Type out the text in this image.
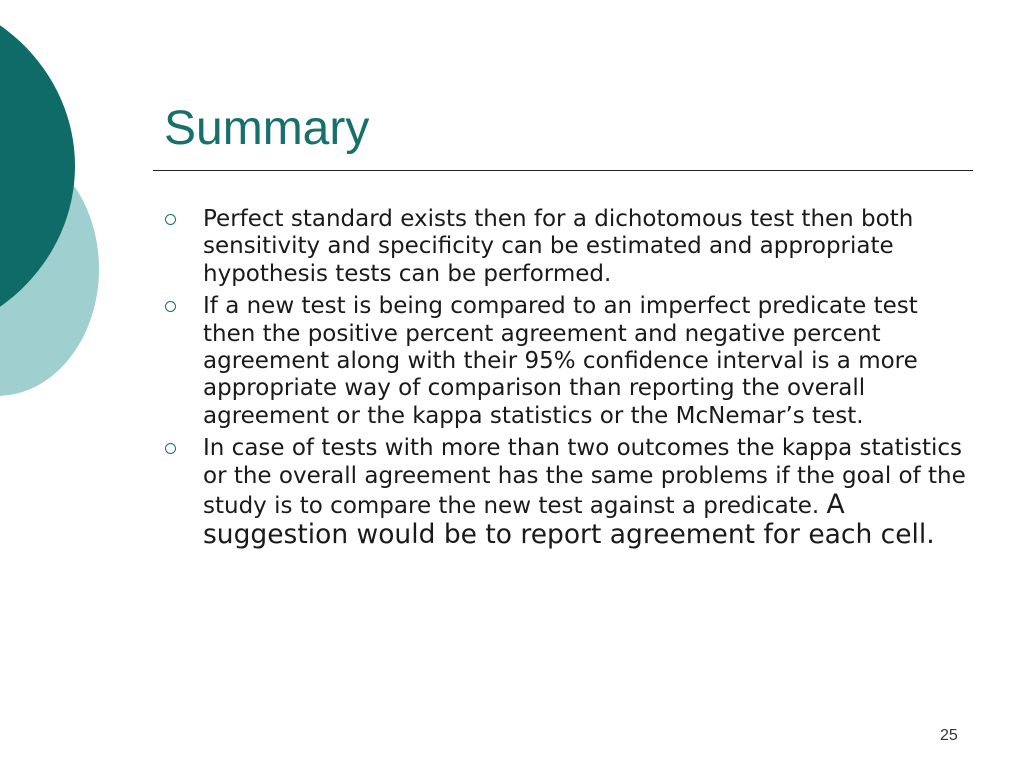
Summary
Perfect standard exists then for a dichotomous test then both sensitivity and specificity can be estimated and appropriate hypothesis tests can be performed.
If a new test is being compared to an imperfect predicate test then the positive percent agreement and negative percent agreement along with their 95% confidence interval is a more appropriate way of comparison than reporting the overall agreement or the kappa statistics or the McNemar’s test.
In case of tests with more than two outcomes the kappa statistics or the overall agreement has the same problems if the goal of the study is to compare the new test against a predicate. A suggestion would be to report agreement for each cell.
25
